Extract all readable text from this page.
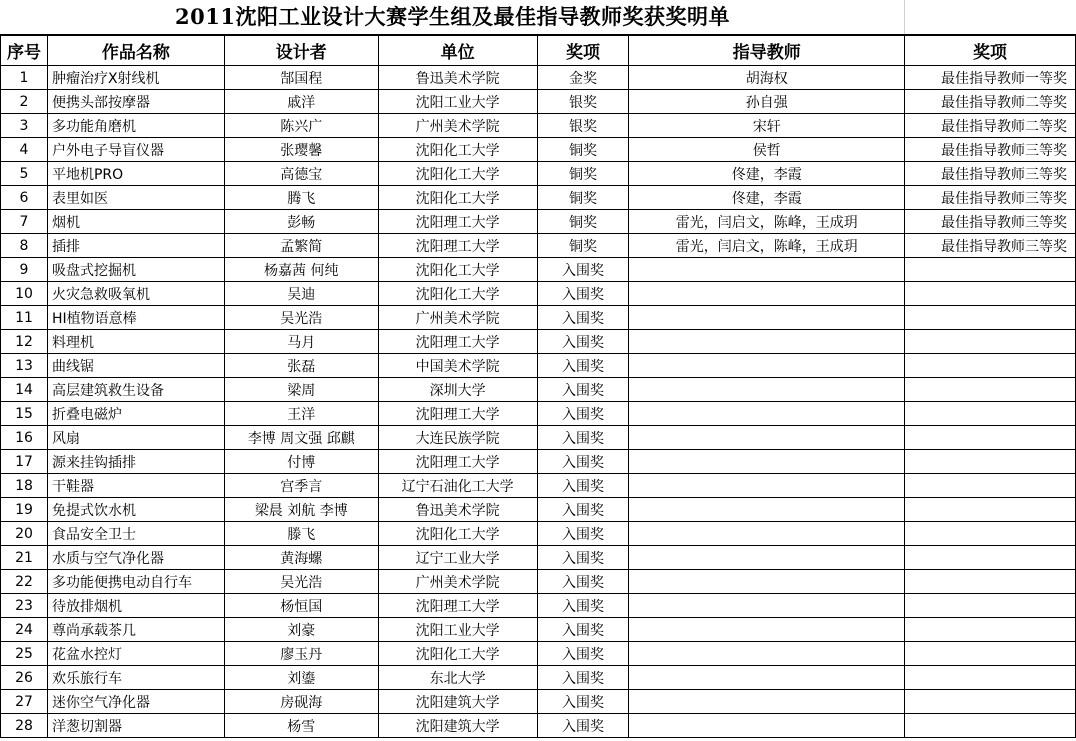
2011沈阳工业设计大赛学生组及最佳指导教师奖获奖明单
序号	作品名称	设计者	单位	奖项	指导教师	奖项
1	肿瘤治疗X射线机	郜国程	鲁迅美术学院	金奖	胡海权	最佳指导教师一等奖
2	便携头部按摩器	戚洋	沈阳工业大学	银奖	孙自强	最佳指导教师二等奖
3	多功能角磨机	陈兴广	广州美术学院	银奖	宋轩	最佳指导教师二等奖
4	户外电子导盲仪器	张璎馨	沈阳化工大学	铜奖	侯哲	最佳指导教师三等奖
5	平地机PRO	高德宝	沈阳化工大学	铜奖	佟建，李霞	最佳指导教师三等奖
6	表里如医	腾飞	沈阳化工大学	铜奖	佟建，李霞	最佳指导教师三等奖
7	烟机	彭畅	沈阳理工大学	铜奖	雷光，闫启文，陈峰，王成玥	最佳指导教师三等奖
8	插排	孟繁简	沈阳理工大学	铜奖	雷光，闫启文，陈峰，王成玥	最佳指导教师三等奖
9	吸盘式挖掘机	杨嘉茜 何纯	沈阳化工大学	入围奖		
10	火灾急救吸氧机	吴迪	沈阳化工大学	入围奖		
11	HI植物语意棒	吴光浩	广州美术学院	入围奖		
12	料理机	马月	沈阳理工大学	入围奖		
13	曲线锯	张磊	中国美术学院	入围奖		
14	高层建筑救生设备	梁周	深圳大学	入围奖		
15	折叠电磁炉	王洋	沈阳理工大学	入围奖		
16	风扇	李博 周文强 邱麒	大连民族学院	入围奖		
17	源来挂钩插排	付博	沈阳理工大学	入围奖		
18	干鞋器	宫季言	辽宁石油化工大学	入围奖		
19	免提式饮水机	梁晨 刘航 李博	鲁迅美术学院	入围奖		
20	食品安全卫士	滕飞	沈阳化工大学	入围奖		
21	水质与空气净化器	黄海螺	辽宁工业大学	入围奖		
22	多功能便携电动自行车	吴光浩	广州美术学院	入围奖		
23	待放排烟机	杨恒国	沈阳理工大学	入围奖		
24	尊尚承载茶几	刘豪	沈阳工业大学	入围奖		
25	花盆水控灯	廖玉丹	沈阳化工大学	入围奖		
26	欢乐旅行车	刘鎏	东北大学	入围奖		
27	迷你空气净化器	房砚海	沈阳建筑大学	入围奖		
28	洋葱切割器	杨雪	沈阳建筑大学	入围奖		
